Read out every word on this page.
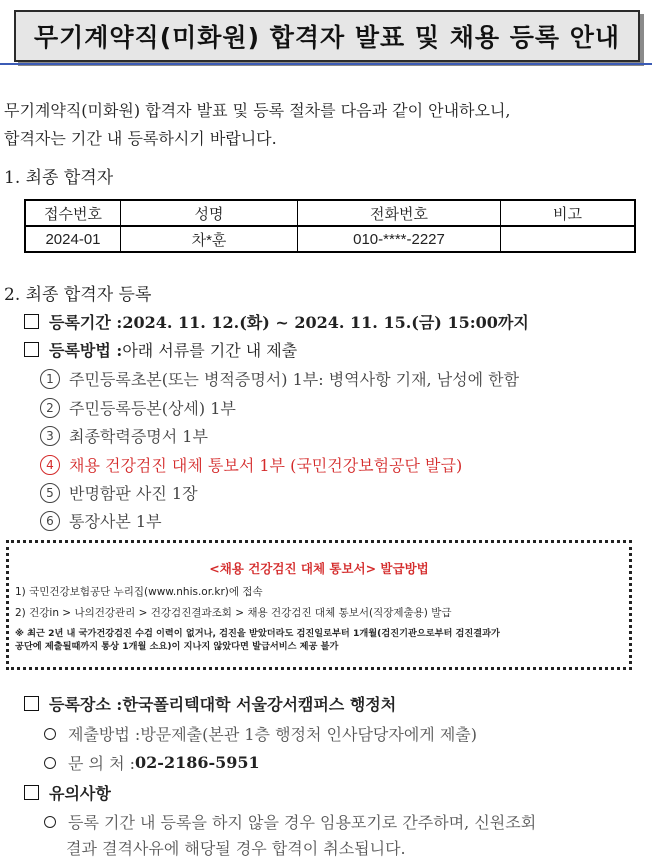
무기계약직(미화원) 합격자 발표 및 채용 등록 안내
무기계약직(미화원) 합격자 발표 및 등록 절차를 다음과 같이 안내하오니,
합격자는 기간 내 등록하시기 바랍니다.
1. 최종 합격자
접수번호	성명	전화번호	비고
2024-01	차*훈	010-****-2227	
2. 최종 합격자 등록
등록기간 : 2024. 11. 12.(화) ~ 2024. 11. 15.(금) 15:00까지
등록방법 : 아래 서류를 기간 내 제출
1 주민등록초본(또는 병적증명서) 1부: 병역사항 기재, 남성에 한함
2 주민등록등본(상세) 1부
3 최종학력증명서 1부
4 채용 건강검진 대체 통보서 1부 (국민건강보험공단 발급)
5 반명함판 사진 1장
6 통장사본 1부
<채용 건강검진 대체 통보서> 발급방법
1) 국민건강보험공단 누리집(www.nhis.or.kr)에 접속
2) 건강in > 나의건강관리 > 건강검진결과조회 > 채용 건강검진 대체 통보서(직장제출용) 발급
※ 최근 2년 내 국가건강검진 수검 이력이 없거나, 검진을 받았더라도 검진일로부터 1개월(검진기관으로부터 검진결과가
공단에 제출될때까지 통상 1개월 소요)이 지나지 않았다면 발급서비스 제공 불가
등록장소 : 한국폴리텍대학 서울강서캠퍼스 행정처
제출방법 : 방문제출(본관 1층 행정처 인사담당자에게 제출)
문 의 처 : 02-2186-5951
유의사항
등록 기간 내 등록을 하지 않을 경우 임용포기로 간주하며, 신원조회
결과 결격사유에 해당될 경우 합격이 취소됩니다.
